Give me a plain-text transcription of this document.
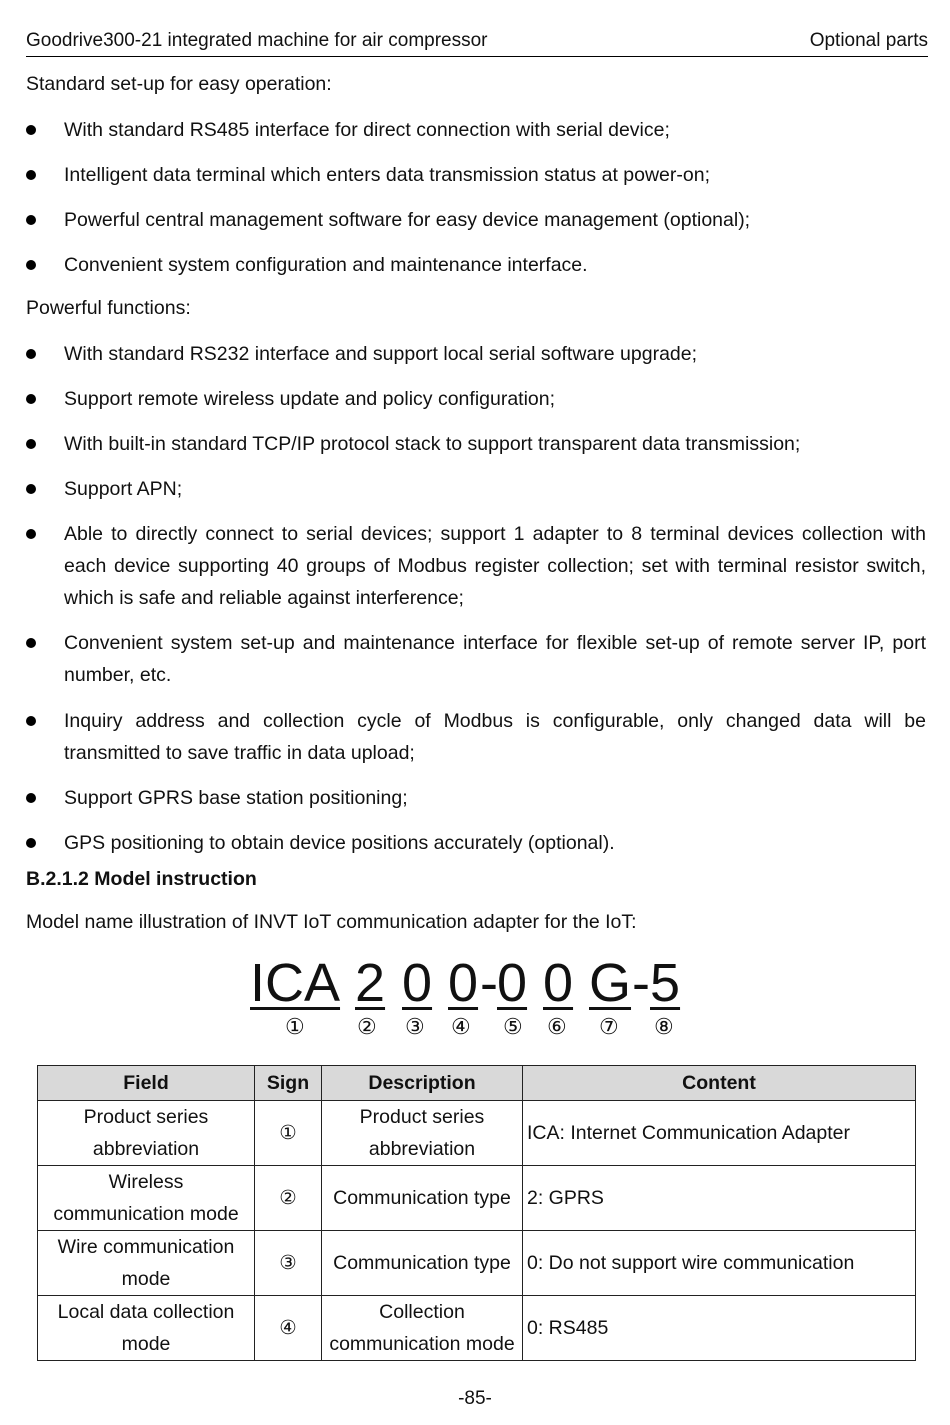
Goodrive300-21 integrated machine for air compressor	Optional parts
Standard set-up for easy operation:
With standard RS485 interface for direct connection with serial device;
Intelligent data terminal which enters data transmission status at power-on;
Powerful central management software for easy device management (optional);
Convenient system configuration and maintenance interface.
Powerful functions:
With standard RS232 interface and support local serial software upgrade;
Support remote wireless update and policy configuration;
With built-in standard TCP/IP protocol stack to support transparent data transmission;
Support APN;
Able to directly connect to serial devices; support 1 adapter to 8 terminal devices collection with each device supporting 40 groups of Modbus register collection; set with terminal resistor switch, which is safe and reliable against interference;
Convenient system set-up and maintenance interface for flexible set-up of remote server IP, port number, etc.
Inquiry address and collection cycle of Modbus is configurable, only changed data will be transmitted to save traffic in data upload;
Support GPRS base station positioning;
GPS positioning to obtain device positions accurately (optional).
B.2.1.2 Model instruction
Model name illustration of INVT IoT communication adapter for the IoT:
ICA 2 0 0 - 0 0 G - 5
① ② ③ ④ ⑤ ⑥ ⑦ ⑧
Field	Sign	Description	Content
Product series abbreviation	①	Product series abbreviation	ICA: Internet Communication Adapter
Wireless communication mode	②	Communication type	2: GPRS
Wire communication mode	③	Communication type	0: Do not support wire communication
Local data collection mode	④	Collection communication mode	0: RS485
-85-
